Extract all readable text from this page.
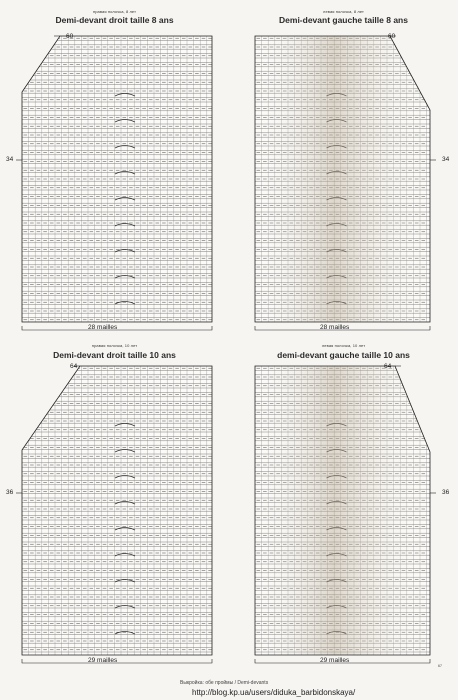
правая полочка, 8 лет
Demi-devant droit taille 8 ans
60
34
28 mailles
левая полочка, 8 лет
Demi-devant gauche taille 8 ans
60
34
28 mailles
правая полочка, 10 лет
Demi-devant droit taille 10 ans
64
36
29 mailles
левая полочка, 10 лет
demi-devant gauche taille 10 ans
64
36
29 mailles
Выкройка: обе проймы / Demi-devants
http://blog.kp.ua/users/diduka_barbidonskaya/
67
